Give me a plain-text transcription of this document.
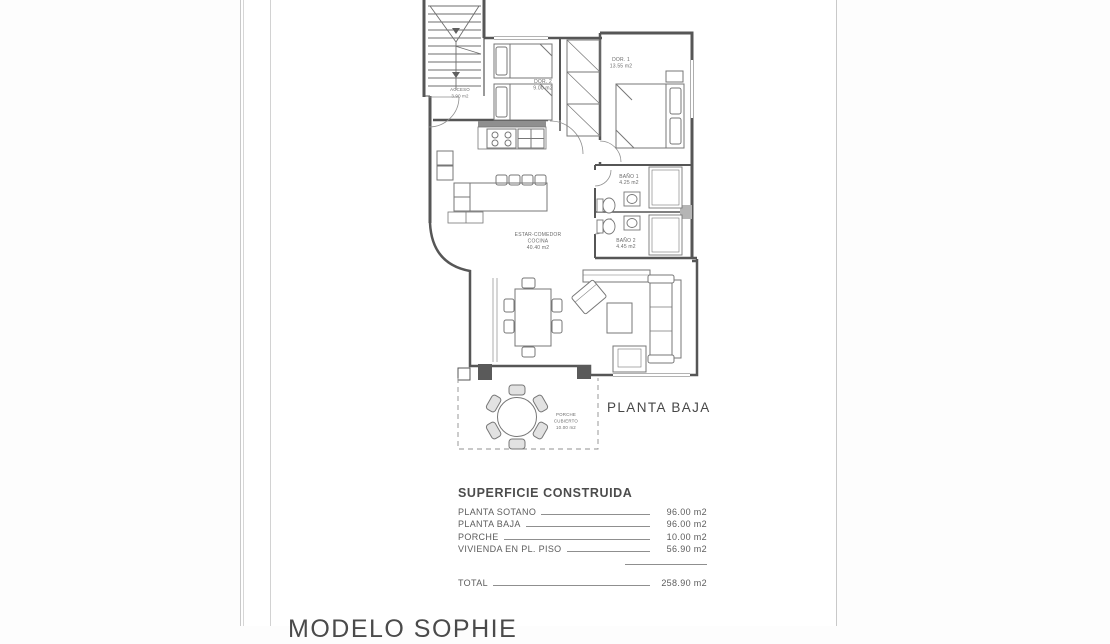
ACCESO
3.90 m2
DOR. 2
9.00 m2
DOR. 1
13.55 m2
BAÑO 1
4.25 m2
BAÑO 2
4.45 m2
ESTAR-COMEDOR
COCINA
40.40 m2
PORCHE
CUBIERTO
10.00 m2
PLANTA BAJA
SUPERFICIE CONSTRUIDA
PLANTA SOTANO	96.00 m2
PLANTA BAJA	96.00 m2
PORCHE	10.00 m2
VIVIENDA EN PL. PISO	56.90 m2
TOTAL	258.90 m2
MODELO SOPHIE
